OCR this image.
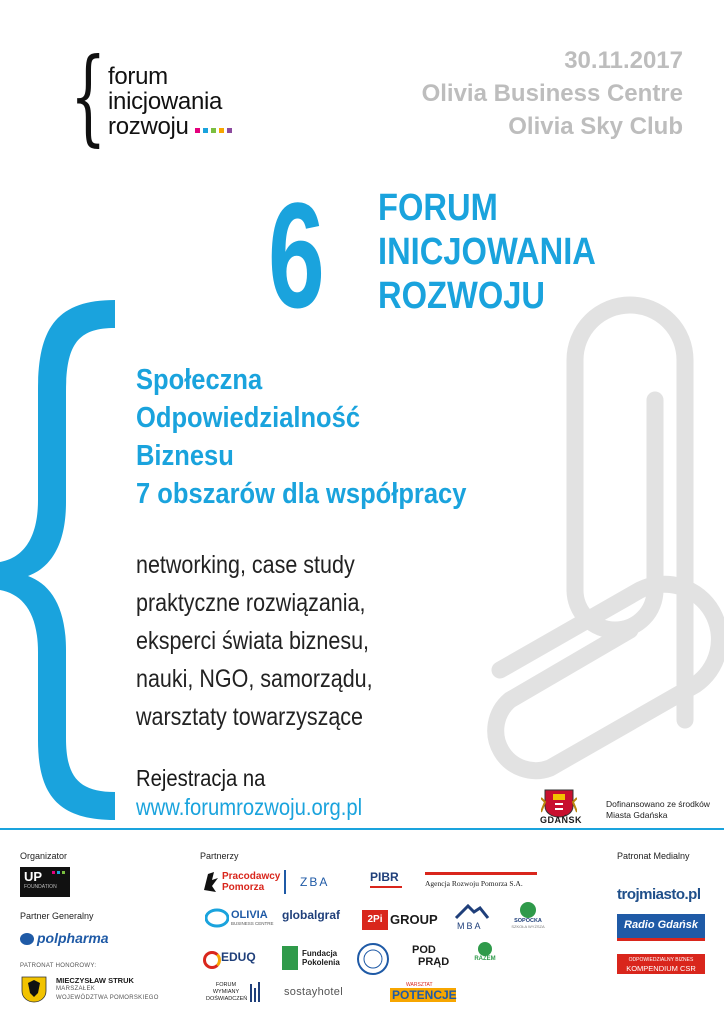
{ forum
inicjowania
rozwoju
30.11.2017
Olivia Business Centre
Olivia Sky Club
6 FORUM
INICJOWANIA
ROZWOJU
Społeczna
Odpowiedzialność
Biznesu
7 obszarów dla współpracy
networking, case study
praktyczne rozwiązania,
eksperci świata biznesu,
nauki, NGO, samorządu,
warsztaty towarzyszące
Rejestracja na
www.forumrozwoju.org.pl	GDAŃSK
Dofinansowano ze środków
Miasta Gdańska
Organizator
UP
FOUNDATION
Partner Generalny
polpharma
PATRONAT HONOROWY:
MIECZYSŁAW STRUK
MARSZAŁEK
WOJEWÓDZTWA POMORSKIEGO
Partnerzy
Pracodawcy
Pomorza	ZBA	PIBR	Agencja Rozwoju Pomorza S.A.
OLIVIA
BUSINESS CENTRE
globalgraf	2Pi GROUP MBA	SOPOCKA
SZKOŁA WYŻSZA
EDUQ	Fundacja
Pokolenia
POD
PRĄD	RAZEM
FORUM
WYMIANY
DOŚWIADCZEŃ
sostayhotel
WARSZTAT
POTENCJE
Patronat Medialny
trojmiasto.pl
Radio Gdańsk
ODPOWIEDZIALNY BIZNES
KOMPENDIUM CSR
